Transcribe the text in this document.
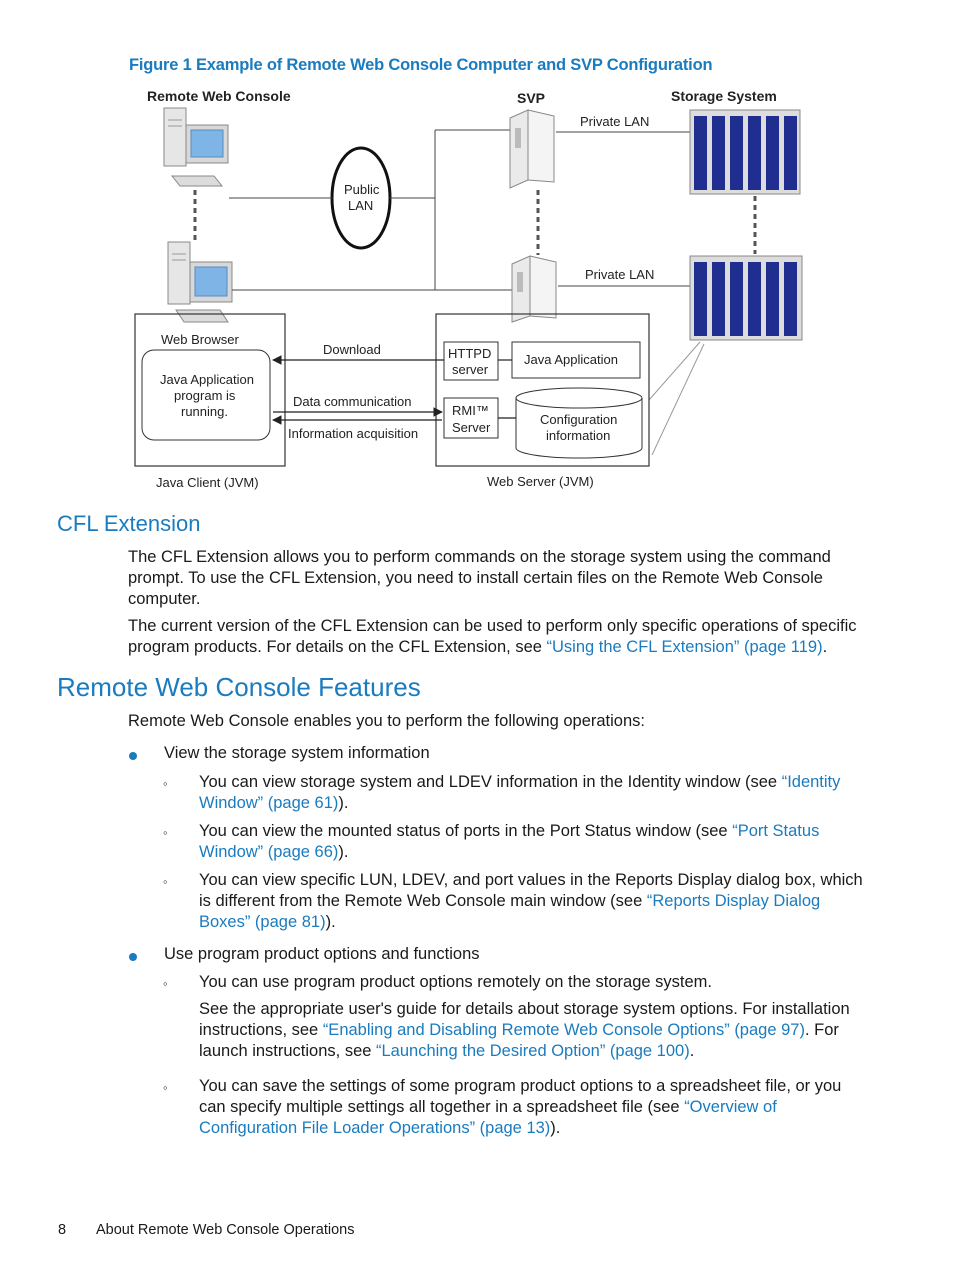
Figure 1 Example of Remote Web Console Computer and SVP Configuration
Remote Web Console	SVP	Storage System
Public
LAN
Private LAN
Private LAN
Web Browser
Java Application
program is
running.
Java Client (JVM)
HTTPD
server
Java Application
RMI™
Server
Configuration
information
Web Server (JVM)
Download
Data communication
Information acquisition
CFL Extension

The CFL Extension allows you to perform commands on the storage system using the command prompt. To use the CFL Extension, you need to install certain files on the Remote Web Console computer.

The current version of the CFL Extension can be used to perform only specific operations of specific program products. For details on the CFL Extension, see “Using the CFL Extension” (page 119).

Remote Web Console Features

Remote Web Console enables you to perform the following operations:

View the storage system information

◦ You can view storage system and LDEV information in the Identity window (see “Identity Window” (page 61)).

◦ You can view the mounted status of ports in the Port Status window (see “Port Status Window” (page 66)).

◦ You can view specific LUN, LDEV, and port values in the Reports Display dialog box, which is different from the Remote Web Console main window (see “Reports Display Dialog Boxes” (page 81)).

Use program product options and functions

◦ You can use program product options remotely on the storage system.

See the appropriate user's guide for details about storage system options. For installation instructions, see “Enabling and Disabling Remote Web Console Options” (page 97). For launch instructions, see “Launching the Desired Option” (page 100).

◦ You can save the settings of some program product options to a spreadsheet file, or you can specify multiple settings all together in a spreadsheet file (see “Overview of Configuration File Loader Operations” (page 13)).

8 About Remote Web Console Operations
